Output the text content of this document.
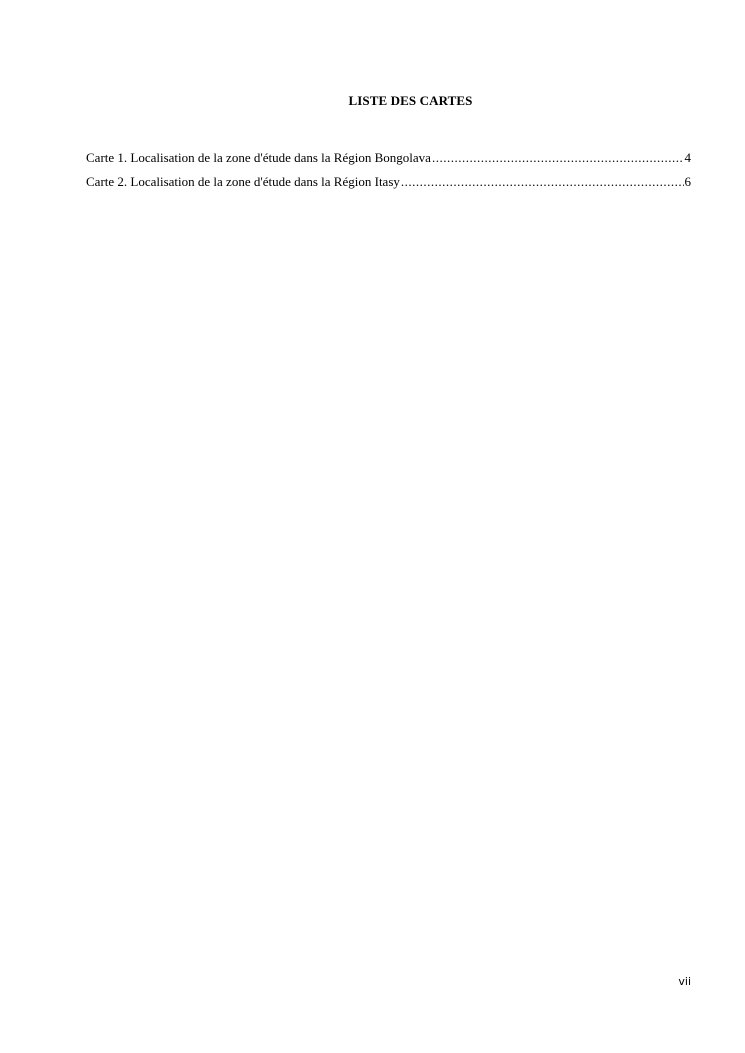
LISTE DES CARTES
Carte 1. Localisation de la zone d'étude dans la Région Bongolava .....	4
Carte 2. Localisation de la zone d'étude dans la Région Itasy .....	6
vii
